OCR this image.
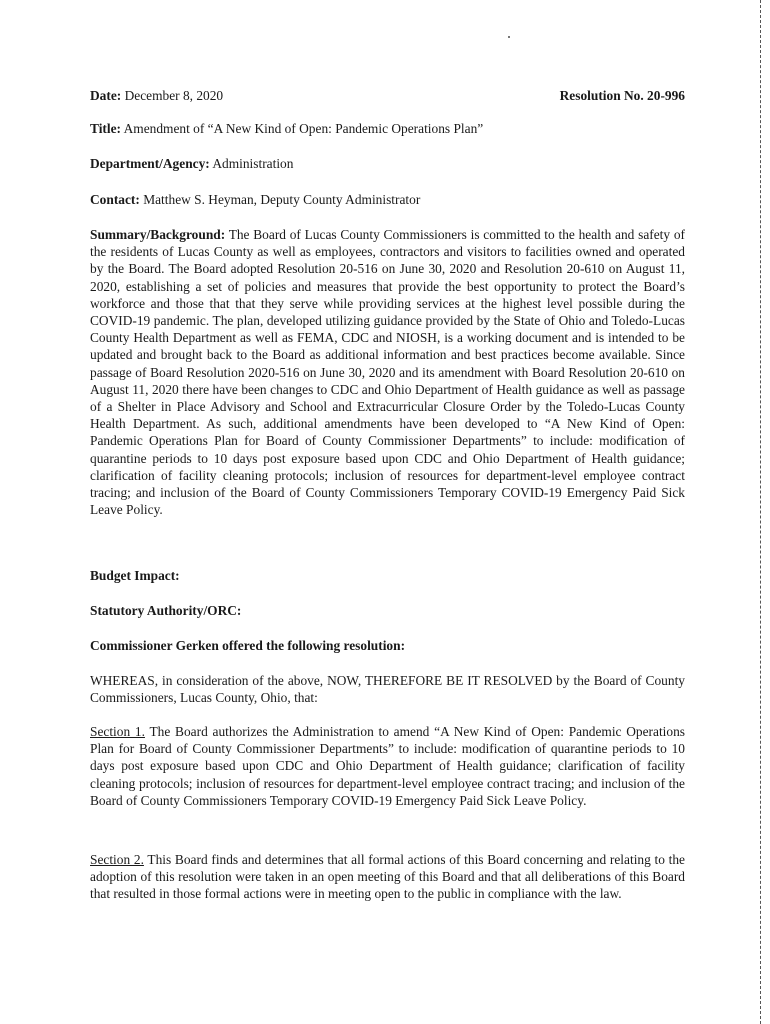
Date: December 8, 2020	Resolution No. 20-996
Title: Amendment of “A New Kind of Open: Pandemic Operations Plan”
Department/Agency: Administration
Contact: Matthew S. Heyman, Deputy County Administrator
Summary/Background: The Board of Lucas County Commissioners is committed to the health and safety of the residents of Lucas County as well as employees, contractors and visitors to facilities owned and operated by the Board. The Board adopted Resolution 20-516 on June 30, 2020 and Resolution 20-610 on August 11, 2020, establishing a set of policies and measures that provide the best opportunity to protect the Board’s workforce and those that that they serve while providing services at the highest level possible during the COVID-19 pandemic. The plan, developed utilizing guidance provided by the State of Ohio and Toledo-Lucas County Health Department as well as FEMA, CDC and NIOSH, is a working document and is intended to be updated and brought back to the Board as additional information and best practices become available. Since passage of Board Resolution 2020-516 on June 30, 2020 and its amendment with Board Resolution 20-610 on August 11, 2020 there have been changes to CDC and Ohio Department of Health guidance as well as passage of a Shelter in Place Advisory and School and Extracurricular Closure Order by the Toledo-Lucas County Health Department. As such, additional amendments have been developed to “A New Kind of Open: Pandemic Operations Plan for Board of County Commissioner Departments” to include: modification of quarantine periods to 10 days post exposure based upon CDC and Ohio Department of Health guidance; clarification of facility cleaning protocols; inclusion of resources for department-level employee contract tracing; and inclusion of the Board of County Commissioners Temporary COVID-19 Emergency Paid Sick Leave Policy.
Budget Impact:
Statutory Authority/ORC:
Commissioner Gerken offered the following resolution:
WHEREAS, in consideration of the above, NOW, THEREFORE BE IT RESOLVED by the Board of County Commissioners, Lucas County, Ohio, that:
Section 1. The Board authorizes the Administration to amend “A New Kind of Open: Pandemic Operations Plan for Board of County Commissioner Departments” to include: modification of quarantine periods to 10 days post exposure based upon CDC and Ohio Department of Health guidance; clarification of facility cleaning protocols; inclusion of resources for department-level employee contract tracing; and inclusion of the Board of County Commissioners Temporary COVID-19 Emergency Paid Sick Leave Policy.
Section 2. This Board finds and determines that all formal actions of this Board concerning and relating to the adoption of this resolution were taken in an open meeting of this Board and that all deliberations of this Board that resulted in those formal actions were in meeting open to the public in compliance with the law.
